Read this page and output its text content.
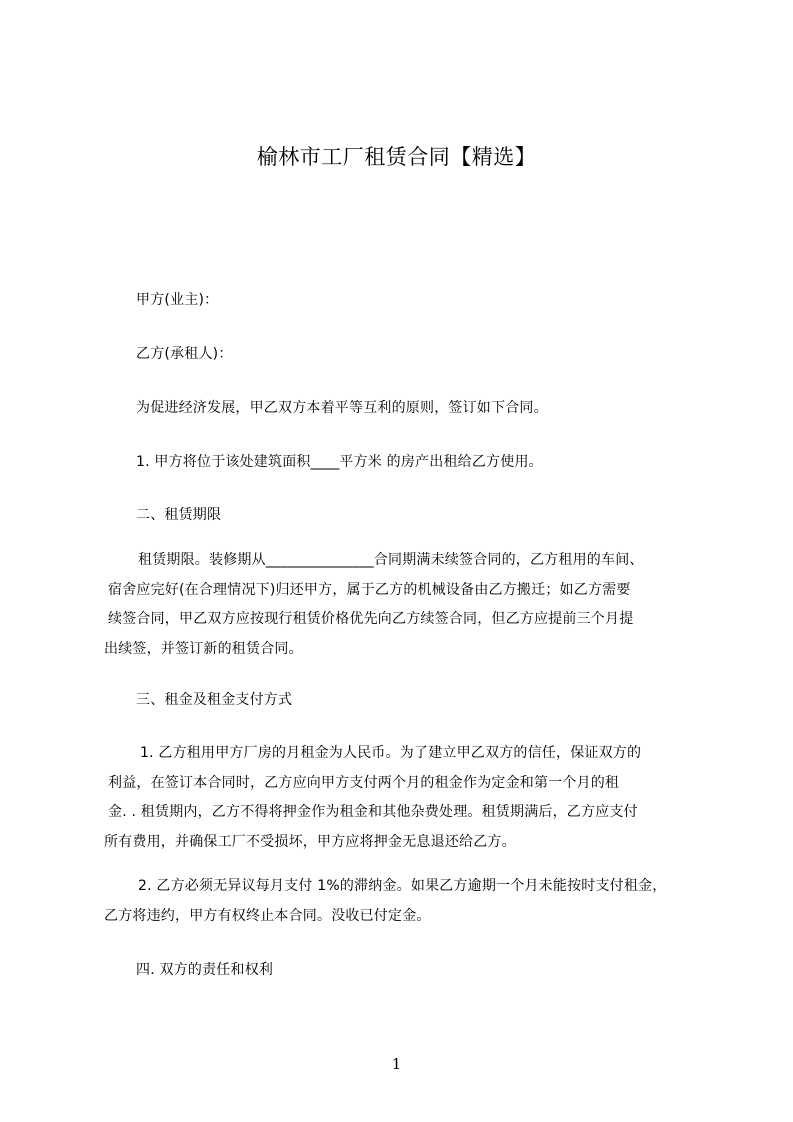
榆林市工厂租赁合同【精选】
甲方(业主)：
乙方(承租人)：
为促进经济发展，甲乙双方本着平等互利的原则，签订如下合同。
1. 甲方将位于该处建筑面积____平方米 的房产出租给乙方使用。
二、租赁期限
租赁期限。装修期从_______________合同期满未续签合同的，乙方租用的车间、
宿舍应完好(在合理情况下)归还甲方，属于乙方的机械设备由乙方搬迁；如乙方需要
续签合同，甲乙双方应按现行租赁价格优先向乙方续签合同，但乙方应提前三个月提
出续签，并签订新的租赁合同。
三、租金及租金支付方式
1. 乙方租用甲方厂房的月租金为人民币。为了建立甲乙双方的信任，保证双方的
利益，在签订本合同时，乙方应向甲方支付两个月的租金作为定金和第一个月的租
金. . 租赁期内，乙方不得将押金作为租金和其他杂费处理。租赁期满后，乙方应支付
所有费用，并确保工厂不受损坏，甲方应将押金无息退还给乙方。
2. 乙方必须无异议每月支付 1%的滞纳金。如果乙方逾期一个月未能按时支付租金，
乙方将违约，甲方有权终止本合同。没收已付定金。
四. 双方的责任和权利
1
